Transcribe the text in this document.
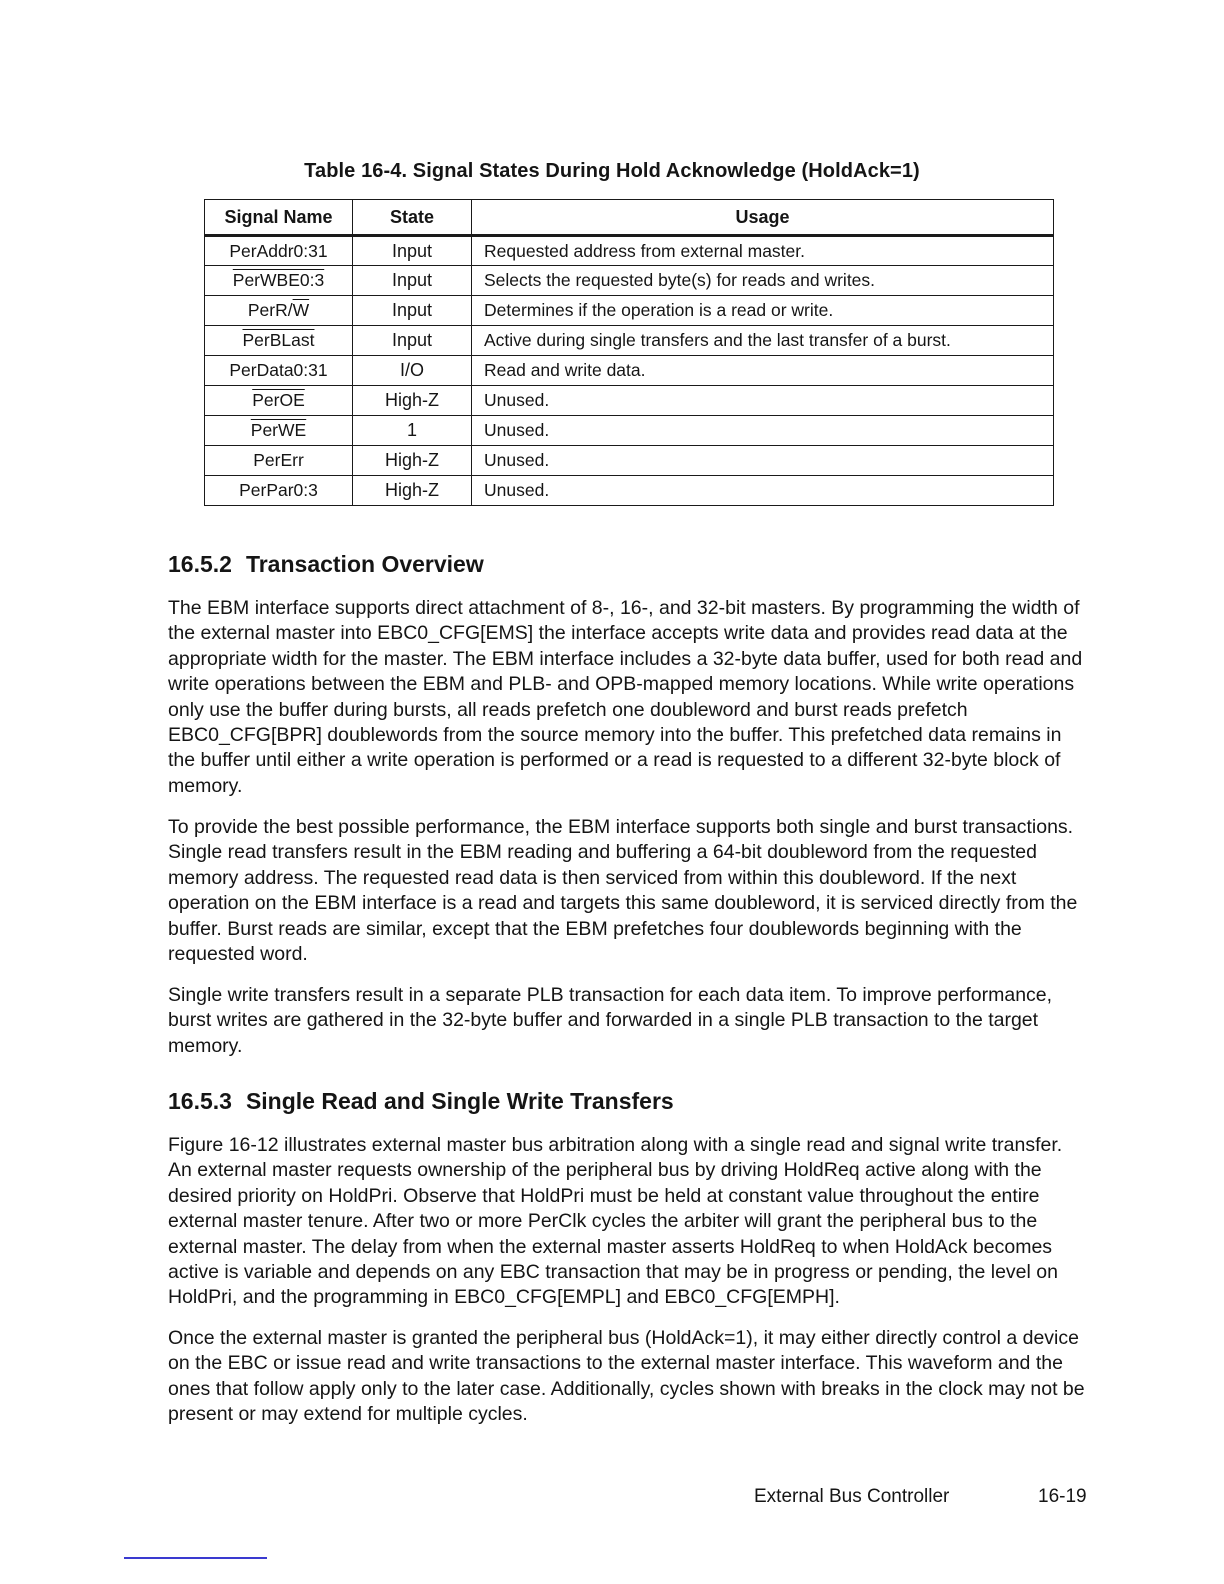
Table 16-4. Signal States During Hold Acknowledge (HoldAck=1)
Signal Name	State	Usage
PerAddr0:31	Input	Requested address from external master.
PerWBE0:3	Input	Selects the requested byte(s) for reads and writes.
PerR/$\overline{W}$	Input	Determines if the operation is a read or write.
PerBLast	Input	Active during single transfers and the last transfer of a burst.
PerData0:31	I/O	Read and write data.
PerOE	High-Z	Unused.
PerWE	1	Unused.
PerErr	High-Z	Unused.
PerPar0:3	High-Z	Unused.
16.5.2 Transaction Overview

The EBM interface supports direct attachment of 8-, 16-, and 32-bit masters. By programming the width of the external master into EBC0_CFG[EMS] the interface accepts write data and provides read data at the appropriate width for the master. The EBM interface includes a 32-byte data buffer, used for both read and write operations between the EBM and PLB- and OPB-mapped memory locations. While write operations only use the buffer during bursts, all reads prefetch one doubleword and burst reads prefetch EBC0_CFG[BPR] doublewords from the source memory into the buffer. This prefetched data remains in the buffer until either a write operation is performed or a read is requested to a different 32-byte block of memory.

To provide the best possible performance, the EBM interface supports both single and burst transactions. Single read transfers result in the EBM reading and buffering a 64-bit doubleword from the requested memory address. The requested read data is then serviced from within this doubleword. If the next operation on the EBM interface is a read and targets this same doubleword, it is serviced directly from the buffer. Burst reads are similar, except that the EBM prefetches four doublewords beginning with the requested word.

Single write transfers result in a separate PLB transaction for each data item. To improve performance, burst writes are gathered in the 32-byte buffer and forwarded in a single PLB transaction to the target memory.

16.5.3 Single Read and Single Write Transfers

Figure 16-12 illustrates external master bus arbitration along with a single read and signal write transfer. An external master requests ownership of the peripheral bus by driving HoldReq active along with the desired priority on HoldPri. Observe that HoldPri must be held at constant value throughout the entire external master tenure. After two or more PerClk cycles the arbiter will grant the peripheral bus to the external master. The delay from when the external master asserts HoldReq to when HoldAck becomes active is variable and depends on any EBC transaction that may be in progress or pending, the level on HoldPri, and the programming in EBC0_CFG[EMPL] and EBC0_CFG[EMPH].

Once the external master is granted the peripheral bus (HoldAck=1), it may either directly control a device on the EBC or issue read and write transactions to the external master interface. This waveform and the ones that follow apply only to the later case. Additionally, cycles shown with breaks in the clock may not be present or may extend for multiple cycles.

External Bus Controller	16-19
